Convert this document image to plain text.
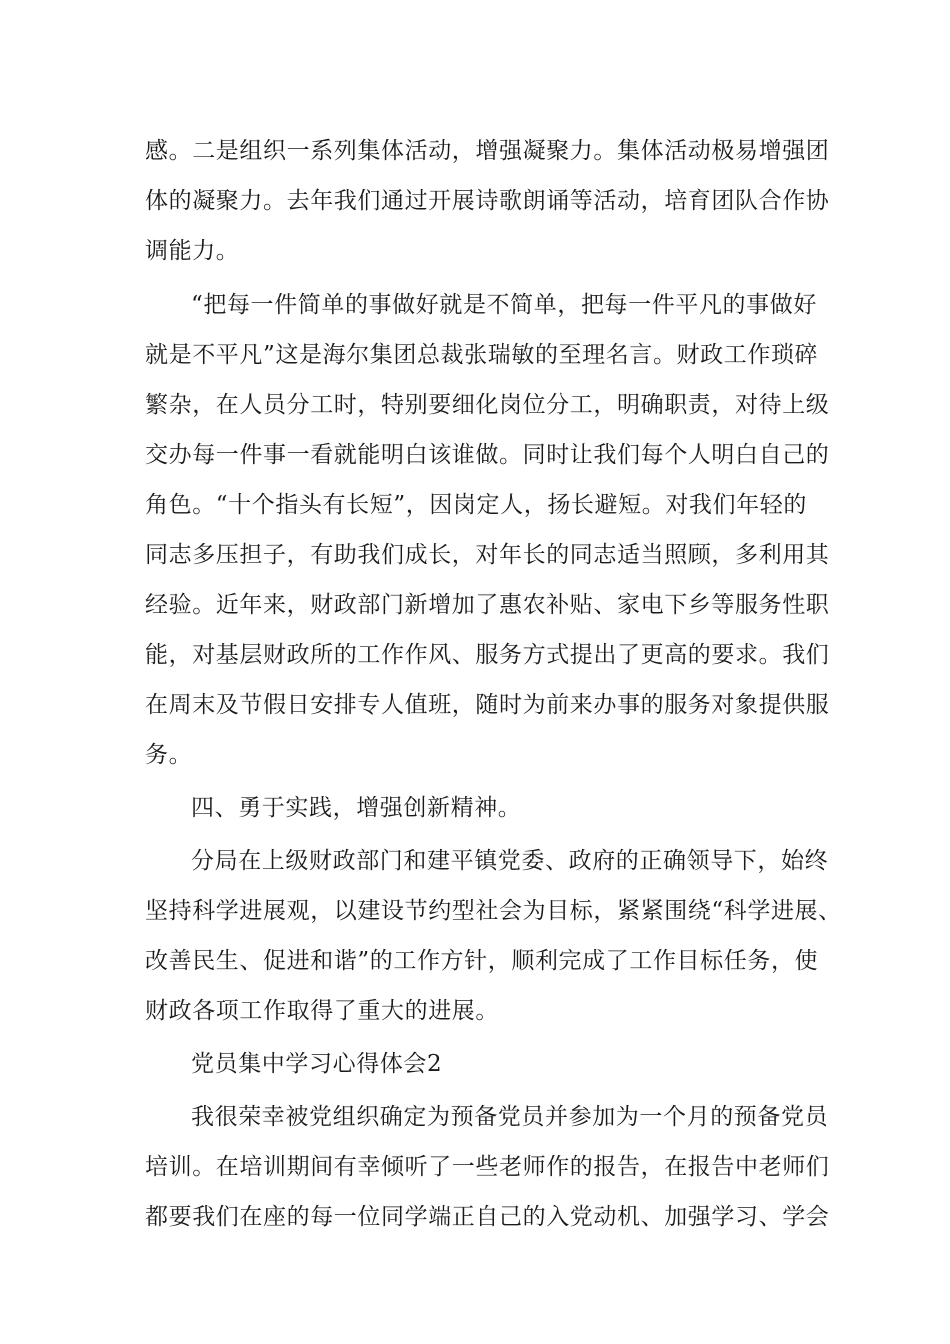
感。二是组织一系列集体活动，增强凝聚力。集体活动极易增强团
体的凝聚力。去年我们通过开展诗歌朗诵等活动，培育团队合作协
调能力。
“把每一件简单的事做好就是不简单，把每一件平凡的事做好
就是不平凡”这是海尔集团总裁张瑞敏的至理名言。财政工作琐碎
繁杂，在人员分工时，特别要细化岗位分工，明确职责，对待上级
交办每一件事一看就能明白该谁做。同时让我们每个人明白自己的
角色。“十个指头有长短”，因岗定人，扬长避短。对我们年轻的
同志多压担子，有助我们成长，对年长的同志适当照顾，多利用其
经验。近年来，财政部门新增加了惠农补贴、家电下乡等服务性职
能，对基层财政所的工作作风、服务方式提出了更高的要求。我们
在周末及节假日安排专人值班，随时为前来办事的服务对象提供服
务。
四、勇于实践，增强创新精神。
分局在上级财政部门和建平镇党委、政府的正确领导下，始终
坚持科学进展观，以建设节约型社会为目标，紧紧围绕“科学进展、
改善民生、促进和谐”的工作方针，顺利完成了工作目标任务，使
财政各项工作取得了重大的进展。
党员集中学习心得体会2
我很荣幸被党组织确定为预备党员并参加为一个月的预备党员
培训。在培训期间有幸倾听了一些老师作的报告，在报告中老师们
都要我们在座的每一位同学端正自己的入党动机、加强学习、学会
